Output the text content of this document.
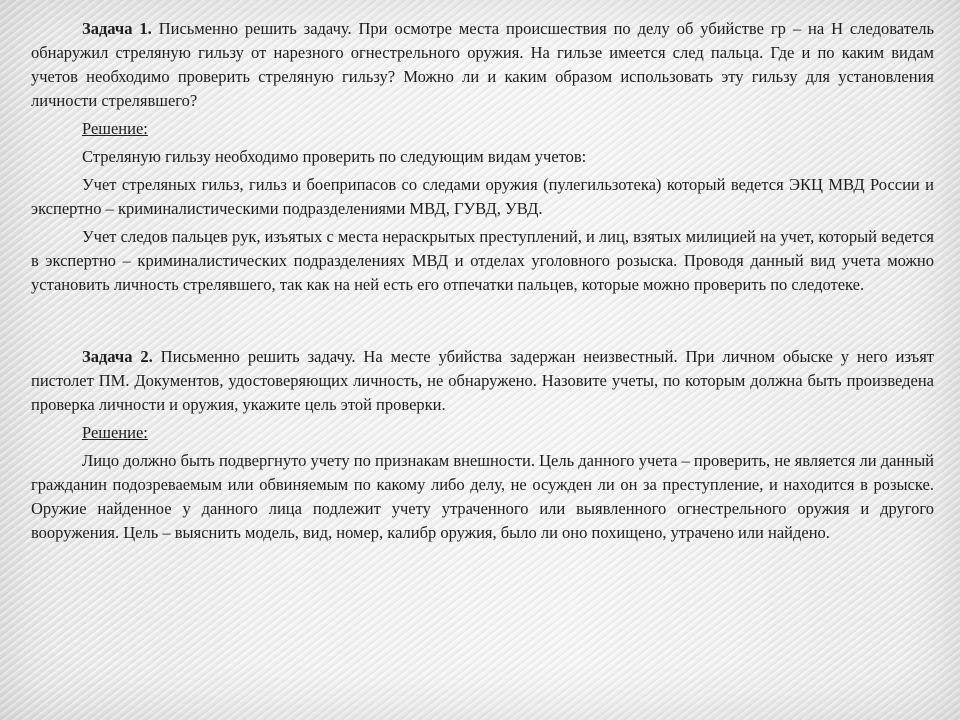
Задача 1. Письменно решить задачу. При осмотре места происшествия по делу об убийстве гр – на Н следователь обнаружил стреляную гильзу от нарезного огнестрельного оружия. На гильзе имеется след пальца. Где и по каким видам учетов необходимо проверить стреляную гильзу? Можно ли и каким образом использовать эту гильзу для установления личности стрелявшего?

Решение:

Стреляную гильзу необходимо проверить по следующим видам учетов:

Учет стреляных гильз, гильз и боеприпасов со следами оружия (пулегильзотека) который ведется ЭКЦ МВД России и экспертно – криминалистическими подразделениями МВД, ГУВД, УВД.

Учет следов пальцев рук, изъятых с места нераскрытых преступлений, и лиц, взятых милицией на учет, который ведется в экспертно – криминалистических подразделениях МВД и отделах уголовного розыска. Проводя данный вид учета можно установить личность стрелявшего, так как на ней есть его отпечатки пальцев, которые можно проверить по следотеке.

Задача 2. Письменно решить задачу. На месте убийства задержан неизвестный. При личном обыске у него изъят пистолет ПМ. Документов, удостоверяющих личность, не обнаружено. Назовите учеты, по которым должна быть произведена проверка личности и оружия, укажите цель этой проверки.

Решение:

Лицо должно быть подвергнуто учету по признакам внешности. Цель данного учета – проверить, не является ли данный гражданин подозреваемым или обвиняемым по какому либо делу, не осужден ли он за преступление, и находится в розыске. Оружие найденное у данного лица подлежит учету утраченного или выявленного огнестрельного оружия и другого вооружения. Цель – выяснить модель, вид, номер, калибр оружия, было ли оно похищено, утрачено или найдено.
